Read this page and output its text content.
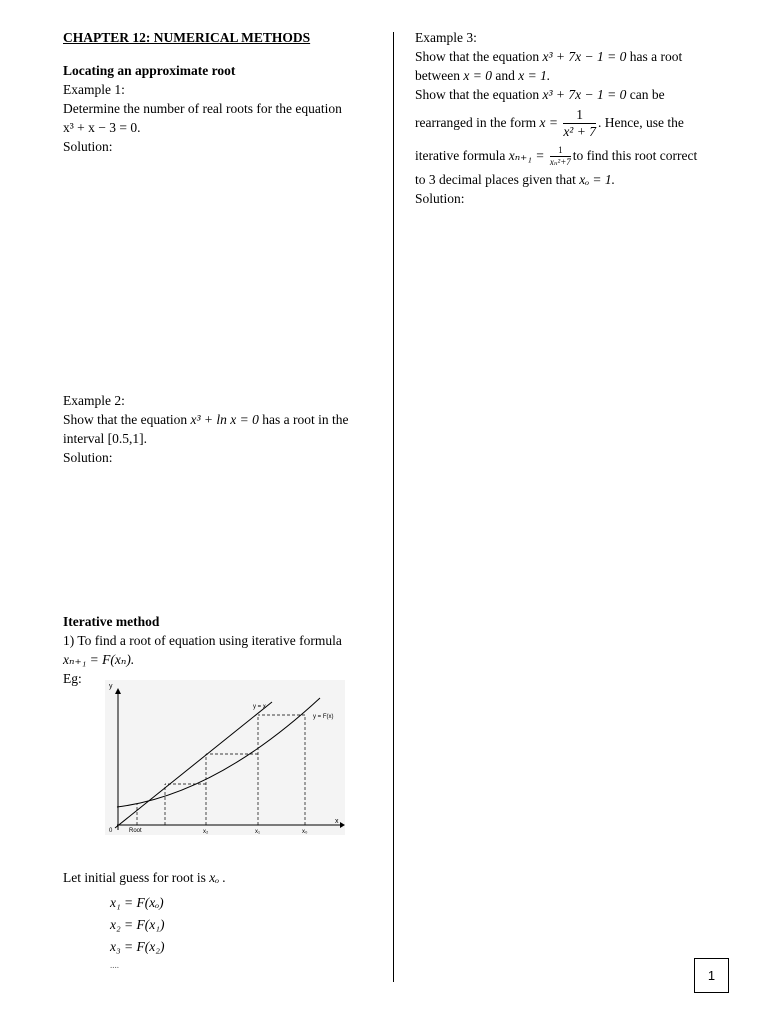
CHAPTER 12: NUMERICAL METHODS
Locating an approximate root
Example 1:
Determine the number of real roots for the equation
x³ + x − 3 = 0.
Solution:
Example 2:
Show that the equation x³ + ln x = 0 has a root in the
interval [0.5,1].
Solution:
Iterative method
1) To find a root of equation using iterative formula
xₙ₊₁ = F(xₙ).
Eg:
y
x
y = x
y = F(x)
0	Root	x₂	x₁	x₀
Let initial guess for root is xₒ .
x₁ = F(xₒ)
x₂ = F(x₁)
x₃ = F(x₂)
....
Example 3:
Show that the equation x³ + 7x − 1 = 0 has a root
between x = 0 and x = 1.
Show that the equation x³ + 7x − 1 = 0 can be
rearranged in the form $x = \frac{1}{\text{x² + 7}}$ . Hence, use the
iterative formula $x_{n+1} = \frac{1}{\text{xₙ²+7}}$ to find this root correct
to 3 decimal places given that xₒ = 1.
Solution:
1
